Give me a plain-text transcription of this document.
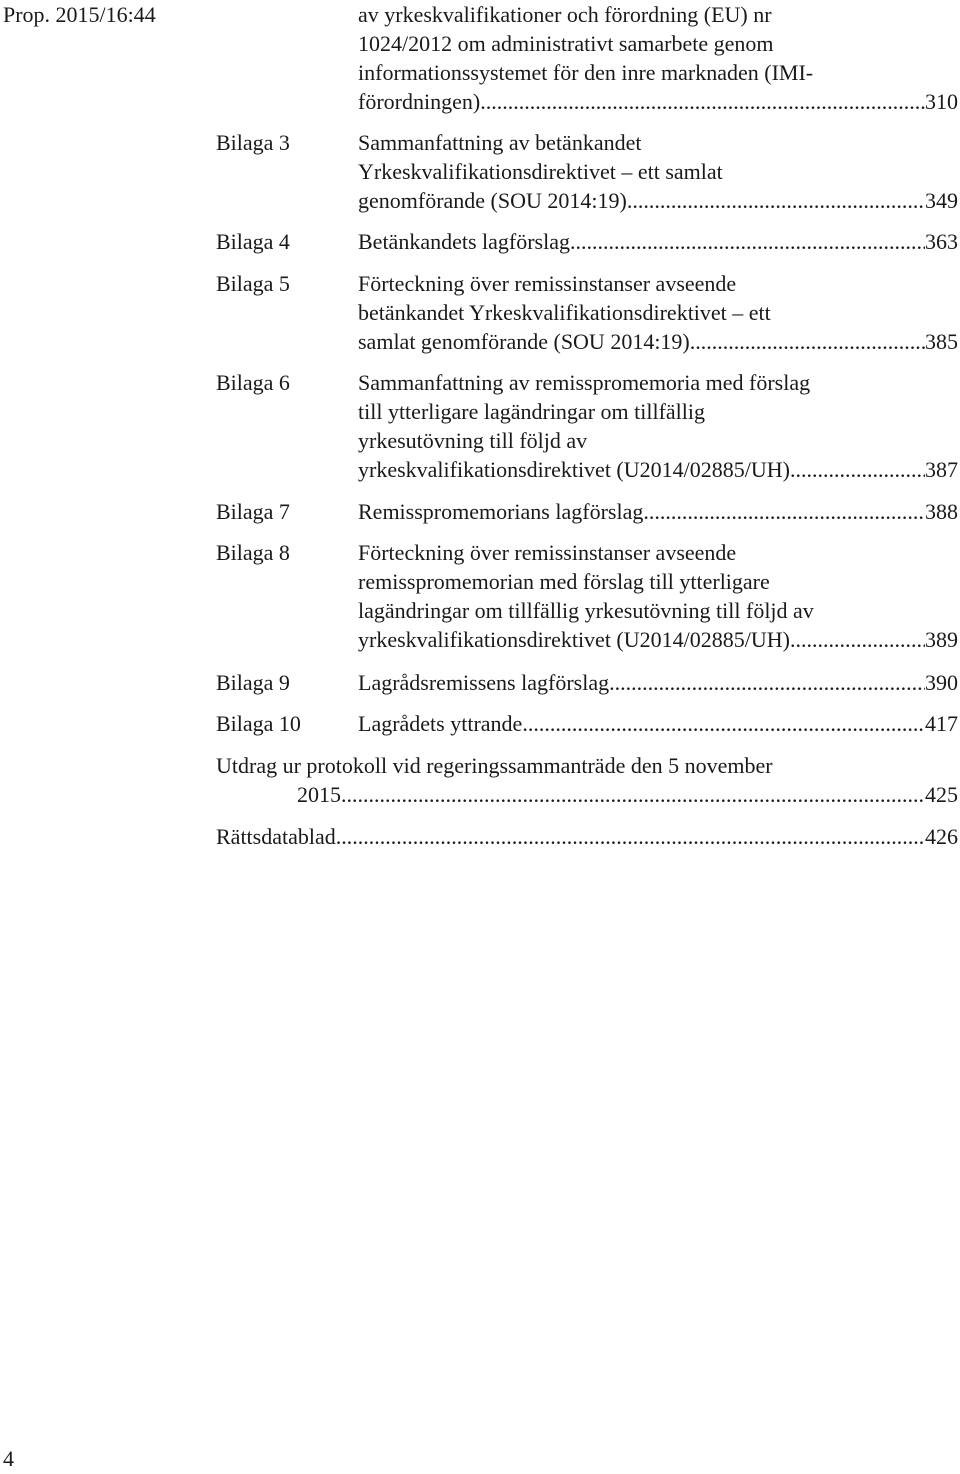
Prop. 2015/16:44	av yrkeskvalifikationer och förordning (EU) nr
1024/2012 om administrativt samarbete genom
informationssystemet för den inre marknaden (IMI-
förordningen) .....	310
Bilaga 3	Sammanfattning av betänkandet
Yrkeskvalifikationsdirektivet – ett samlat
genomförande (SOU 2014:19) .....	349
Bilaga 4	Betänkandets lagförslag .....	363
Bilaga 5	Förteckning över remissinstanser avseende
betänkandet Yrkeskvalifikationsdirektivet – ett
samlat genomförande (SOU 2014:19) .....	385
Bilaga 6	Sammanfattning av remisspromemoria med förslag
till ytterligare lagändringar om tillfällig
yrkesutövning till följd av
yrkeskvalifikationsdirektivet (U2014/02885/UH) .....	387
Bilaga 7	Remisspromemorians lagförslag .....	388
Bilaga 8	Förteckning över remissinstanser avseende
remisspromemorian med förslag till ytterligare
lagändringar om tillfällig yrkesutövning till följd av
yrkeskvalifikationsdirektivet (U2014/02885/UH) .....	389
Bilaga 9	Lagrådsremissens lagförslag .....	390
Bilaga 10	Lagrådets yttrande .....	417
Utdrag ur protokoll vid regeringssammanträde den 5 november
2015 .....	425
Rättsdatablad .....	426
4
